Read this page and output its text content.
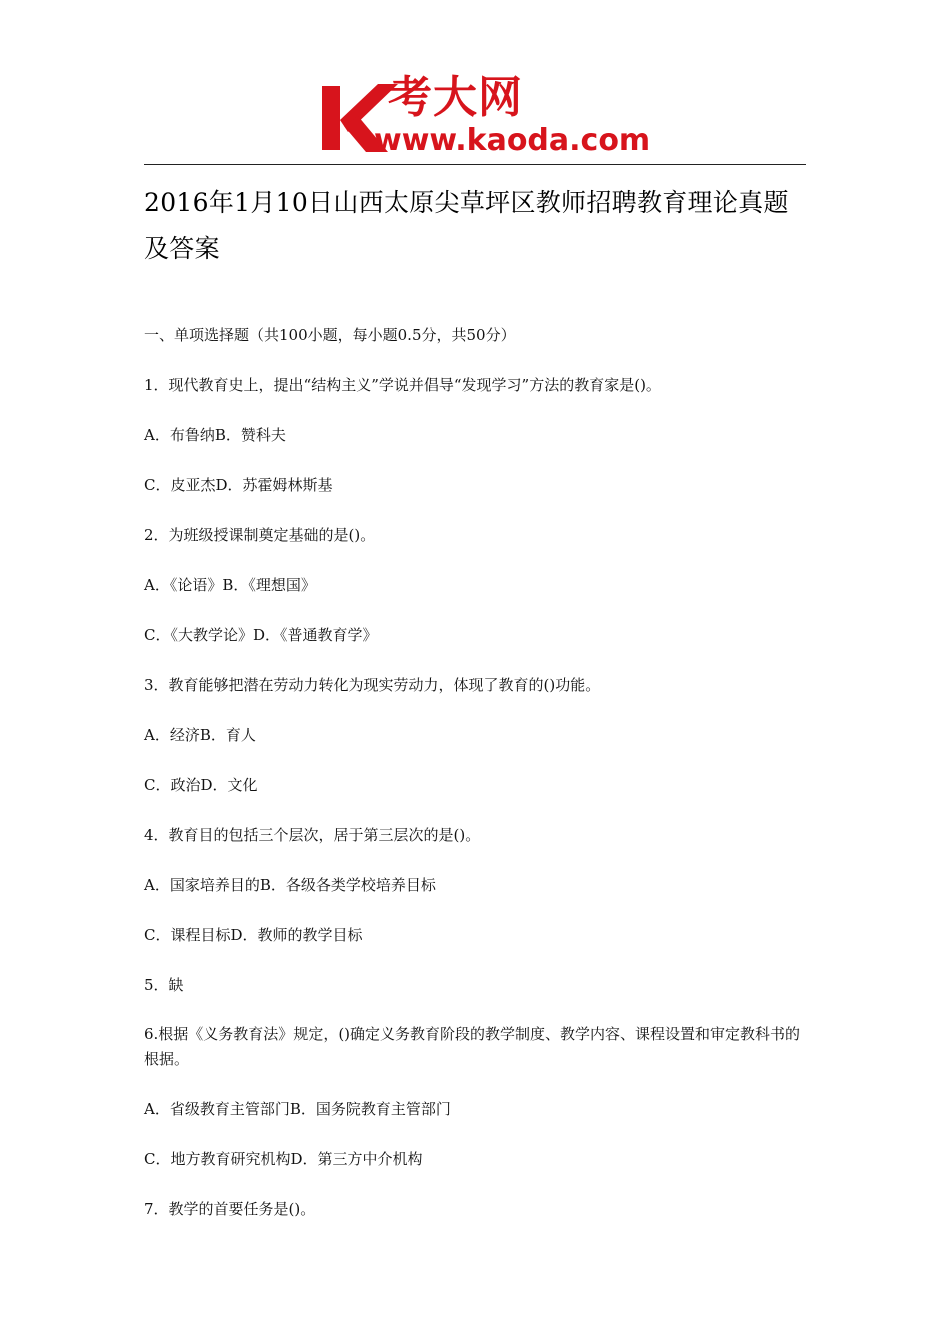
考大网
www.kaoda.com
2016年1月10日山西太原尖草坪区教师招聘教育理论真题及答案
一、单项选择题（共100小题，每小题0.5分，共50分）
1．现代教育史上，提出“结构主义”学说并倡导“发现学习”方法的教育家是()。
A．布鲁纳B．赞科夫
C．皮亚杰D．苏霍姆林斯基
2．为班级授课制奠定基础的是()。
A．《论语》B．《理想国》
C．《大教学论》D．《普通教育学》
3．教育能够把潜在劳动力转化为现实劳动力，体现了教育的()功能。
A．经济B．育人
C．政治D．文化
4．教育目的包括三个层次，居于第三层次的是()。
A．国家培养目的B．各级各类学校培养目标
C．课程目标D．教师的教学目标
5．缺
6.根据《义务教育法》规定，()确定义务教育阶段的教学制度、教学内容、课程设置和审定教科书的根据。
A．省级教育主管部门B．国务院教育主管部门
C．地方教育研究机构D．第三方中介机构
7．教学的首要任务是()。
